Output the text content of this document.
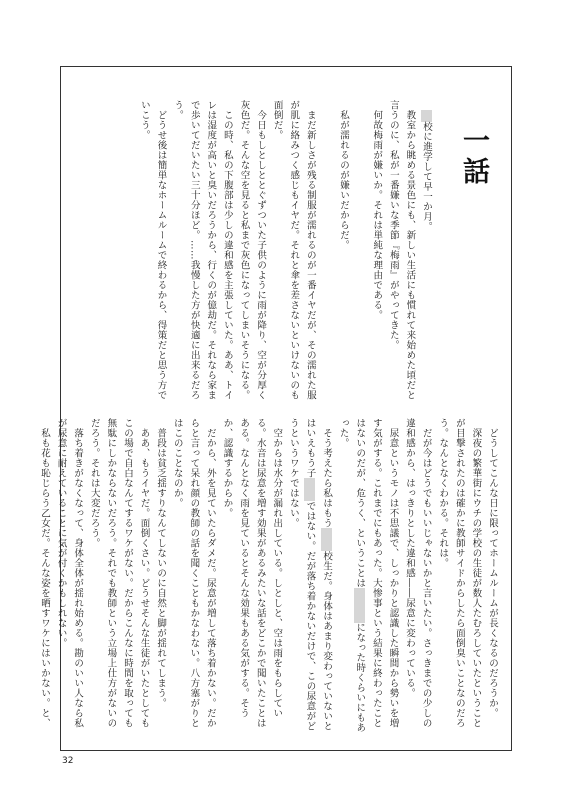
一話

　▮校に進学して早一か月。

　教室から眺める景色にも、新しい生活にも慣れて来始めた頃だと言うのに、私が一番嫌いな季節『梅雨』がやってきた。

　何故梅雨が嫌いか。それは単純な理由である。

　私が濡れるのが嫌いだからだ。

　まだ新しさが残る制服が濡れるのが一番イヤだが、その濡れた服が肌に絡みつく感じもイヤだ。それと傘を差さないといけないのも面倒だ。

　今日もしとしととぐずついた子供のように雨が降り、空が分厚く灰色だ。そんな空を見ると私まで灰色になってしまいそうになる。

　この時、私の下腹部は少しの違和感を主張していた。ああ、トイレは湿度が高いと臭いだろうから、行くのが億劫だ。それなら家まで歩いてだいたい三十分ほど。……我慢した方が快適に出来るだろう。

　どうせ後は簡単なホームルームで終わるから、得策だと思う方でいこう。

　どうしてこんな日に限ってホームルームが長くなるのだろうか。

　深夜の繁華街にウチの学校の生徒が数人たむろしていたということが目撃されたのは確かに教師サイドからしたら面倒臭いことなのだろう。なんとなくわかる。それは。

　だが今はどうでもいいじゃないかと言いたい。さっきまでの少しの違和感から、はっきりとした違和感――尿意に変わっている。

　尿意というモノは不思議で、しっかりと認識した瞬間から勢いを増す気がする。これまでにもあった。大惨事という結果に終わったことはないのだが、危うく、ということは▮▮▮になった時くらいにもあった。

　そう考えたら私はもう▮▮校生だ。身体はあまり変わっていないとはいえもう子▮▮ではない。だが落ち着かないだけで、この尿意がどうというワケではない。

　空からは水分が漏れ出している。しとしと、空は雨をもらしている。水音は尿意を増す効果があるみたいな話をどこかで聞いたことはある。なんとなく雨を見ているとそんな効果もある気がする。そうか、認識するからか。

　だから、外を見ていたらダメだ。尿意が増して落ち着かない。だからと言って呆れ顔の教師の話を聞くこともかなわない。八方塞がりとはこのことなのか。

　普段は貧乏揺すりなんてしないのに自然と脚が揺れてしまう。

　ああ、もうイヤだ。面倒くさい。どうせそんな生徒がいたとしてもこの場で自白なんてするワケがない。だからこんなに時間を取っても無駄にしかならないだろう。それでも教師という立場上仕方がないのだろう。それは大変だろう。

　落ち着きがなくなって、身体全体が揺れ始める。勘のいい人なら私が尿意に耐えていることに気が付くかもしれない。

　私も花も恥じらう乙女だ。そんな姿を晒すワケにはいかない。と、

32
